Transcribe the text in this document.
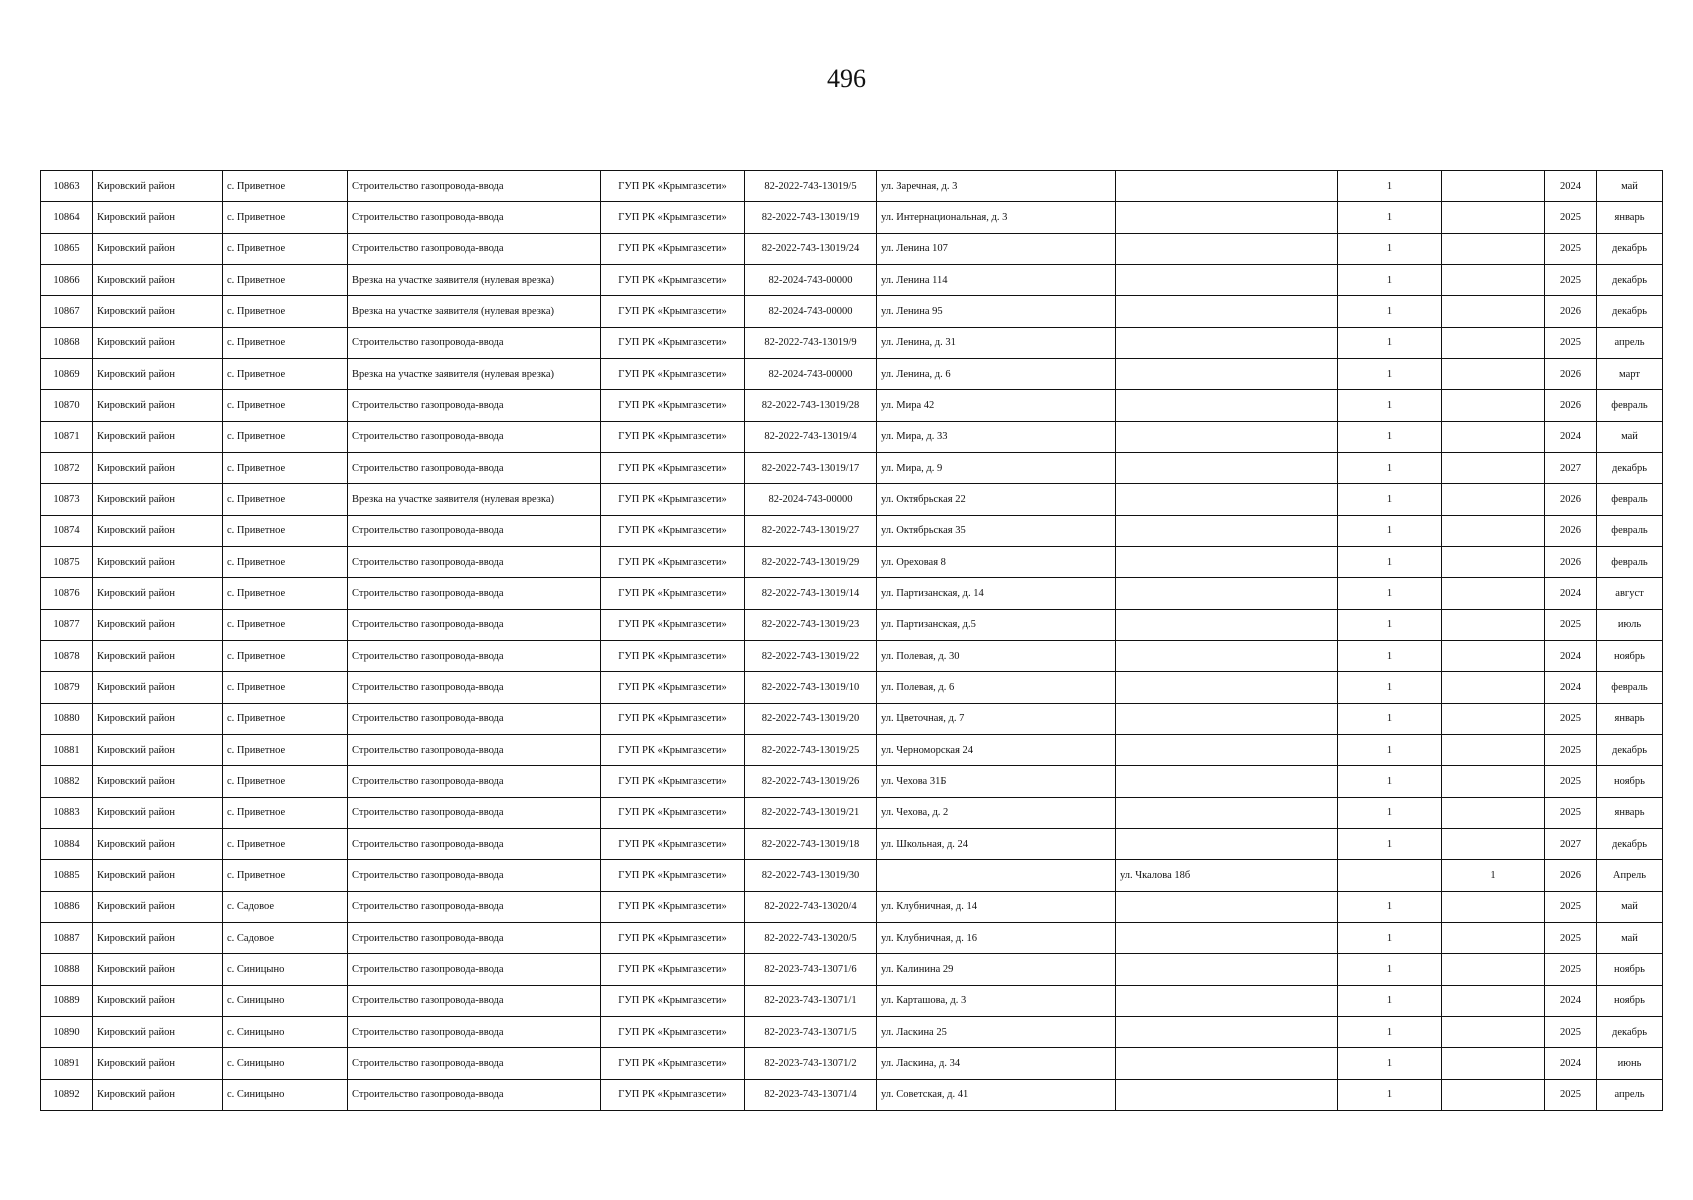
496
10863	Кировский район	с. Приветное	Строительство газопровода-ввода	ГУП РК «Крымгазсети»	82-2022-743-13019/5	ул. Заречная, д. 3		1		2024	май
10864	Кировский район	с. Приветное	Строительство газопровода-ввода	ГУП РК «Крымгазсети»	82-2022-743-13019/19	ул. Интернациональная, д. 3		1		2025	январь
10865	Кировский район	с. Приветное	Строительство газопровода-ввода	ГУП РК «Крымгазсети»	82-2022-743-13019/24	ул. Ленина 107		1		2025	декабрь
10866	Кировский район	с. Приветное	Врезка на участке заявителя (нулевая врезка)	ГУП РК «Крымгазсети»	82-2024-743-00000	ул. Ленина 114		1		2025	декабрь
10867	Кировский район	с. Приветное	Врезка на участке заявителя (нулевая врезка)	ГУП РК «Крымгазсети»	82-2024-743-00000	ул. Ленина 95		1		2026	декабрь
10868	Кировский район	с. Приветное	Строительство газопровода-ввода	ГУП РК «Крымгазсети»	82-2022-743-13019/9	ул. Ленина, д. 31		1		2025	апрель
10869	Кировский район	с. Приветное	Врезка на участке заявителя (нулевая врезка)	ГУП РК «Крымгазсети»	82-2024-743-00000	ул. Ленина, д. 6		1		2026	март
10870	Кировский район	с. Приветное	Строительство газопровода-ввода	ГУП РК «Крымгазсети»	82-2022-743-13019/28	ул. Мира 42		1		2026	февраль
10871	Кировский район	с. Приветное	Строительство газопровода-ввода	ГУП РК «Крымгазсети»	82-2022-743-13019/4	ул. Мира, д. 33		1		2024	май
10872	Кировский район	с. Приветное	Строительство газопровода-ввода	ГУП РК «Крымгазсети»	82-2022-743-13019/17	ул. Мира, д. 9		1		2027	декабрь
10873	Кировский район	с. Приветное	Врезка на участке заявителя (нулевая врезка)	ГУП РК «Крымгазсети»	82-2024-743-00000	ул. Октябрьская 22		1		2026	февраль
10874	Кировский район	с. Приветное	Строительство газопровода-ввода	ГУП РК «Крымгазсети»	82-2022-743-13019/27	ул. Октябрьская 35		1		2026	февраль
10875	Кировский район	с. Приветное	Строительство газопровода-ввода	ГУП РК «Крымгазсети»	82-2022-743-13019/29	ул. Ореховая 8		1		2026	февраль
10876	Кировский район	с. Приветное	Строительство газопровода-ввода	ГУП РК «Крымгазсети»	82-2022-743-13019/14	ул. Партизанская, д. 14		1		2024	август
10877	Кировский район	с. Приветное	Строительство газопровода-ввода	ГУП РК «Крымгазсети»	82-2022-743-13019/23	ул. Партизанская, д.5		1		2025	июль
10878	Кировский район	с. Приветное	Строительство газопровода-ввода	ГУП РК «Крымгазсети»	82-2022-743-13019/22	ул. Полевая, д. 30		1		2024	ноябрь
10879	Кировский район	с. Приветное	Строительство газопровода-ввода	ГУП РК «Крымгазсети»	82-2022-743-13019/10	ул. Полевая, д. 6		1		2024	февраль
10880	Кировский район	с. Приветное	Строительство газопровода-ввода	ГУП РК «Крымгазсети»	82-2022-743-13019/20	ул. Цветочная, д. 7		1		2025	январь
10881	Кировский район	с. Приветное	Строительство газопровода-ввода	ГУП РК «Крымгазсети»	82-2022-743-13019/25	ул. Черноморская 24		1		2025	декабрь
10882	Кировский район	с. Приветное	Строительство газопровода-ввода	ГУП РК «Крымгазсети»	82-2022-743-13019/26	ул. Чехова 31Б		1		2025	ноябрь
10883	Кировский район	с. Приветное	Строительство газопровода-ввода	ГУП РК «Крымгазсети»	82-2022-743-13019/21	ул. Чехова, д. 2		1		2025	январь
10884	Кировский район	с. Приветное	Строительство газопровода-ввода	ГУП РК «Крымгазсети»	82-2022-743-13019/18	ул. Школьная, д. 24		1		2027	декабрь
10885	Кировский район	с. Приветное	Строительство газопровода-ввода	ГУП РК «Крымгазсети»	82-2022-743-13019/30		ул. Чкалова 18б		1	2026	Апрель
10886	Кировский район	с. Садовое	Строительство газопровода-ввода	ГУП РК «Крымгазсети»	82-2022-743-13020/4	ул. Клубничная, д. 14		1		2025	май
10887	Кировский район	с. Садовое	Строительство газопровода-ввода	ГУП РК «Крымгазсети»	82-2022-743-13020/5	ул. Клубничная, д. 16		1		2025	май
10888	Кировский район	с. Синицыно	Строительство газопровода-ввода	ГУП РК «Крымгазсети»	82-2023-743-13071/6	ул. Калинина 29		1		2025	ноябрь
10889	Кировский район	с. Синицыно	Строительство газопровода-ввода	ГУП РК «Крымгазсети»	82-2023-743-13071/1	ул. Карташова, д. 3		1		2024	ноябрь
10890	Кировский район	с. Синицыно	Строительство газопровода-ввода	ГУП РК «Крымгазсети»	82-2023-743-13071/5	ул. Ласкина 25		1		2025	декабрь
10891	Кировский район	с. Синицыно	Строительство газопровода-ввода	ГУП РК «Крымгазсети»	82-2023-743-13071/2	ул. Ласкина, д. 34		1		2024	июнь
10892	Кировский район	с. Синицыно	Строительство газопровода-ввода	ГУП РК «Крымгазсети»	82-2023-743-13071/4	ул. Советская, д. 41		1		2025	апрель
